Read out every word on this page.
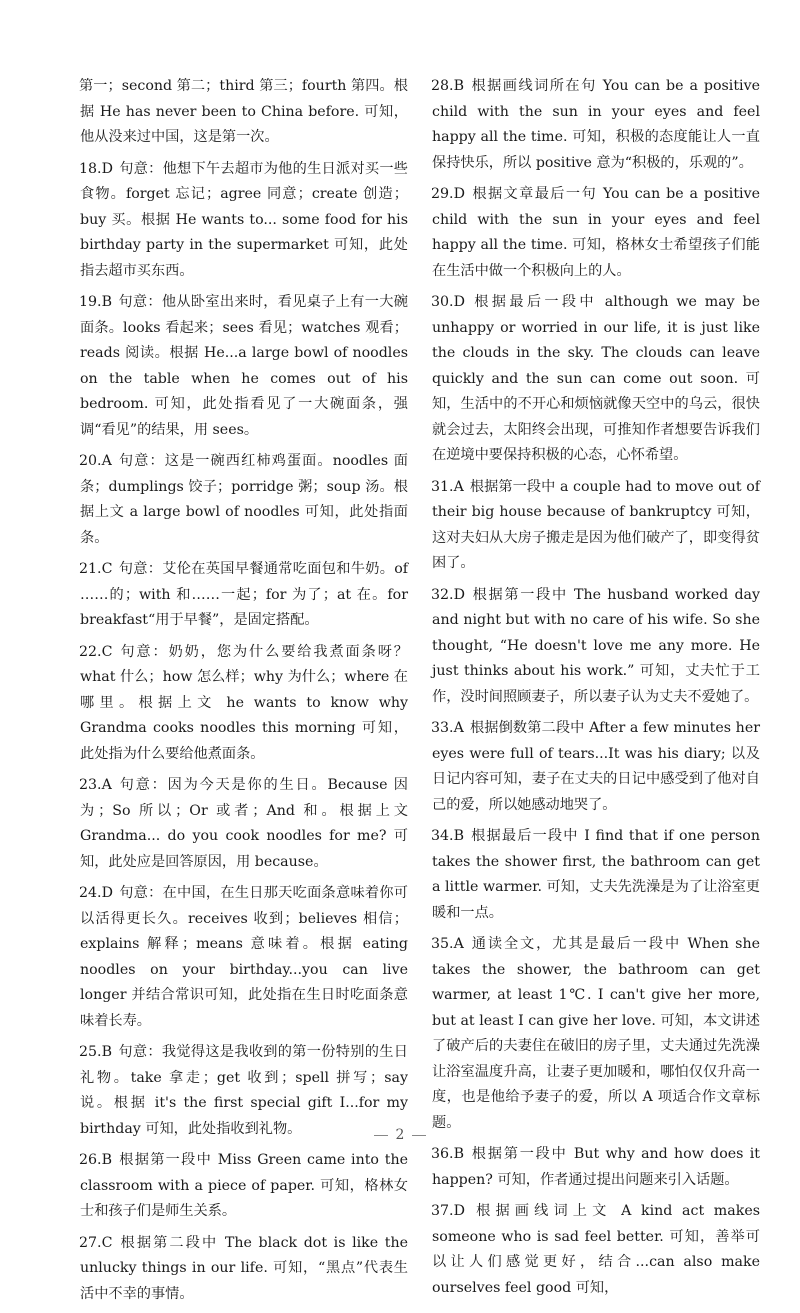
第一；second 第二；third 第三；fourth 第四。根据 He has never been to China before. 可知，他从没来过中国，这是第一次。

18.D 句意：他想下午去超市为他的生日派对买一些食物。forget 忘记；agree 同意；create 创造；buy 买。根据 He wants to... some food for his birthday party in the supermarket 可知，此处指去超市买东西。

19.B 句意：他从卧室出来时，看见桌子上有一大碗面条。looks 看起来；sees 看见；watches 观看；reads 阅读。根据 He...a large bowl of noodles on the table when he comes out of his bedroom. 可知，此处指看见了一大碗面条，强调“看见”的结果，用 sees。

20.A 句意：这是一碗西红柿鸡蛋面。noodles 面条；dumplings 饺子；porridge 粥；soup 汤。根据上文 a large bowl of noodles 可知，此处指面条。

21.C 句意：艾伦在英国早餐通常吃面包和牛奶。of ……的；with 和……一起；for 为了；at 在。for breakfast“用于早餐”，是固定搭配。

22.C 句意：奶奶，您为什么要给我煮面条呀？what 什么；how 怎么样；why 为什么；where 在哪里。根据上文 he wants to know why Grandma cooks noodles this morning 可知，此处指为什么要给他煮面条。

23.A 句意：因为今天是你的生日。Because 因为；So 所以；Or 或者；And 和。根据上文 Grandma... do you cook noodles for me? 可知，此处应是回答原因，用 because。

24.D 句意：在中国，在生日那天吃面条意味着你可以活得更长久。receives 收到；believes 相信；explains 解释；means 意味着。根据 eating noodles on your birthday...you can live longer 并结合常识可知，此处指在生日时吃面条意味着长寿。

25.B 句意：我觉得这是我收到的第一份特别的生日礼物。take 拿走；get 收到；spell 拼写；say 说。根据 it's the first special gift I...for my birthday 可知，此处指收到礼物。

26.B 根据第一段中 Miss Green came into the classroom with a piece of paper. 可知，格林女士和孩子们是师生关系。

27.C 根据第二段中 The black dot is like the unlucky things in our life. 可知，“黑点”代表生活中不幸的事情。

28.B 根据画线词所在句 You can be a positive child with the sun in your eyes and feel happy all the time. 可知，积极的态度能让人一直保持快乐，所以 positive 意为“积极的，乐观的”。

29.D 根据文章最后一句 You can be a positive child with the sun in your eyes and feel happy all the time. 可知，格林女士希望孩子们能在生活中做一个积极向上的人。

30.D 根据最后一段中 although we may be unhappy or worried in our life, it is just like the clouds in the sky. The clouds can leave quickly and the sun can come out soon. 可知，生活中的不开心和烦恼就像天空中的乌云，很快就会过去，太阳终会出现，可推知作者想要告诉我们在逆境中要保持积极的心态，心怀希望。

31.A 根据第一段中 a couple had to move out of their big house because of bankruptcy 可知，这对夫妇从大房子搬走是因为他们破产了，即变得贫困了。

32.D 根据第一段中 The husband worked day and night but with no care of his wife. So she thought, “He doesn't love me any more. He just thinks about his work.” 可知，丈夫忙于工作，没时间照顾妻子，所以妻子认为丈夫不爱她了。

33.A 根据倒数第二段中 After a few minutes her eyes were full of tears...It was his diary; 以及日记内容可知，妻子在丈夫的日记中感受到了他对自己的爱，所以她感动地哭了。

34.B 根据最后一段中 I find that if one person takes the shower first, the bathroom can get a little warmer. 可知，丈夫先洗澡是为了让浴室更暖和一点。

35.A 通读全文，尤其是最后一段中 When she takes the shower, the bathroom can get warmer, at least 1℃. I can't give her more, but at least I can give her love. 可知，本文讲述了破产后的夫妻住在破旧的房子里，丈夫通过先洗澡让浴室温度升高，让妻子更加暖和，哪怕仅仅升高一度，也是他给予妻子的爱，所以 A 项适合作文章标题。

36.B 根据第一段中 But why and how does it happen? 可知，作者通过提出问题来引入话题。

37.D 根据画线词上文 A kind act makes someone who is sad feel better. 可知，善举可以让人们感觉更好，结合...can also make ourselves feel good 可知，

2
